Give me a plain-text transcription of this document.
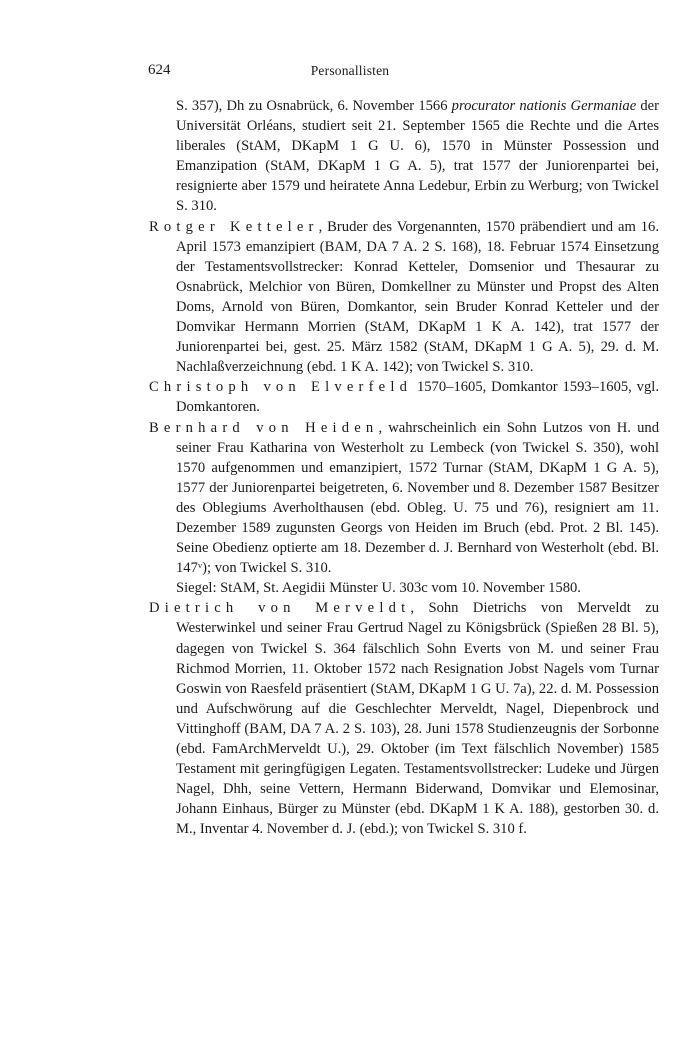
624	Personallisten

S. 357), Dh zu Osnabrück, 6. November 1566 procurator nationis Germaniae der Universität Orléans, studiert seit 21. September 1565 die Rechte und die Artes liberales (StAM, DKapM 1 G U. 6), 1570 in Münster Possession und Emanzipation (StAM, DKapM 1 G A. 5), trat 1577 der Juniorenpartei bei, resignierte aber 1579 und heiratete Anna Ledebur, Erbin zu Werburg; von Twickel S. 310.

Rotger Ketteler, Bruder des Vorgenannten, 1570 präbendiert und am 16. April 1573 emanzipiert (BAM, DA 7 A. 2 S. 168), 18. Februar 1574 Einsetzung der Testamentsvollstrecker: Konrad Ketteler, Domsenior und Thesaurar zu Osnabrück, Melchior von Büren, Domkellner zu Münster und Propst des Alten Doms, Arnold von Büren, Domkantor, sein Bruder Konrad Ketteler und der Domvikar Hermann Morrien (StAM, DKapM 1 K A. 142), trat 1577 der Juniorenpartei bei, gest. 25. März 1582 (StAM, DKapM 1 G A. 5), 29. d. M. Nachlaßverzeichnung (ebd. 1 K A. 142); von Twickel S. 310.

Christoph von Elverfeld 1570–1605, Domkantor 1593–1605, vgl. Domkantoren.

Bernhard von Heiden, wahrscheinlich ein Sohn Lutzos von H. und seiner Frau Katharina von Westerholt zu Lembeck (von Twickel S. 350), wohl 1570 aufgenommen und emanzipiert, 1572 Turnar (StAM, DKapM 1 G A. 5), 1577 der Juniorenpartei beigetreten, 6. November und 8. Dezember 1587 Besitzer des Oblegiums Averholthausen (ebd. Obleg. U. 75 und 76), resigniert am 11. Dezember 1589 zugunsten Georgs von Heiden im Bruch (ebd. Prot. 2 Bl. 145). Seine Obedienz optierte am 18. Dezember d. J. Bernhard von Westerholt (ebd. Bl. 147ᵛ); von Twickel S. 310.

Siegel: StAM, St. Aegidii Münster U. 303c vom 10. November 1580.

Dietrich von Merveldt, Sohn Dietrichs von Merveldt zu Westerwinkel und seiner Frau Gertrud Nagel zu Königsbrück (Spießen 28 Bl. 5), dagegen von Twickel S. 364 fälschlich Sohn Everts von M. und seiner Frau Richmod Morrien, 11. Oktober 1572 nach Resignation Jobst Nagels vom Turnar Goswin von Raesfeld präsentiert (StAM, DKapM 1 G U. 7a), 22. d. M. Possession und Aufschwörung auf die Geschlechter Merveldt, Nagel, Diepenbrock und Vittinghoff (BAM, DA 7 A. 2 S. 103), 28. Juni 1578 Studienzeugnis der Sorbonne (ebd. FamArchMerveldt U.), 29. Oktober (im Text fälschlich November) 1585 Testament mit geringfügigen Legaten. Testamentsvollstrecker: Ludeke und Jürgen Nagel, Dhh, seine Vettern, Hermann Biderwand, Domvikar und Elemosinar, Johann Einhaus, Bürger zu Münster (ebd. DKapM 1 K A. 188), gestorben 30. d. M., Inventar 4. November d. J. (ebd.); von Twickel S. 310 f.
